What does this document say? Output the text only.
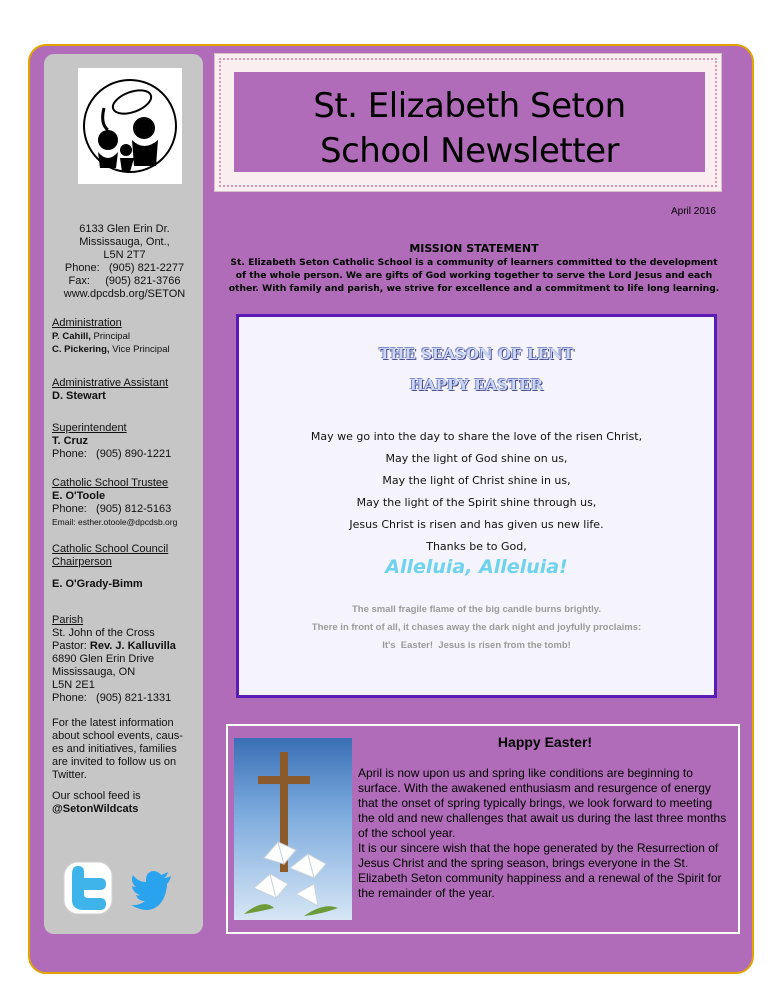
6133 Glen Erin Dr.
Mississauga, Ont.,
L5N 2T7
Phone:   (905) 821-2277
Fax:     (905) 821-3766
www.dpcdsb.org/SETON
Administration
P. Cahill, Principal
C. Pickering, Vice Principal
Administrative Assistant
D. Stewart
Superintendent
T. Cruz
Phone:   (905) 890-1221
Catholic School Trustee
E. O'Toole
Phone:   (905) 812-5163
Email: esther.otoole@dpcdsb.org
Catholic School Council
Chairperson
E. O'Grady-Bimm
Parish
St. John of the Cross
Pastor: Rev. J. Kalluvilla
6890 Glen Erin Drive
Mississauga, ON
L5N 2E1
Phone:   (905) 821-1331
For the latest information
about school events, caus-
es and initiatives, families
are invited to follow us on
Twitter.
Our school feed is
@SetonWildcats
St. Elizabeth Seton
School Newsletter
April 2016
MISSION STATEMENT
St. Elizabeth Seton Catholic School is a community of learners committed to the development
of the whole person. We are gifts of God working together to serve the Lord Jesus and each
other. With family and parish, we strive for excellence and a commitment to life long learning.
THE SEASON OF LENT
HAPPY EASTER
May we go into the day to share the love of the risen Christ,
May the light of God shine on us,
May the light of Christ shine in us,
May the light of the Spirit shine through us,
Jesus Christ is risen and has given us new life.
Thanks be to God,
Alleluia, Alleluia!
The small fragile flame of the big candle burns brightly.
There in front of all, it chases away the dark night and joyfully proclaims:
It's  Easter!  Jesus is risen from the tomb!
Happy Easter!
April is now upon us and spring like conditions are beginning to surface. With the awakened enthusiasm and resurgence of energy that the onset of spring typically brings, we look forward to meeting the old and new challenges that await us during the last three months of the school year.
It is our sincere wish that the hope generated by the Resurrection of Jesus Christ and the spring season, brings everyone in the St. Elizabeth Seton community happiness and a renewal of the Spirit for the remainder of the year.
